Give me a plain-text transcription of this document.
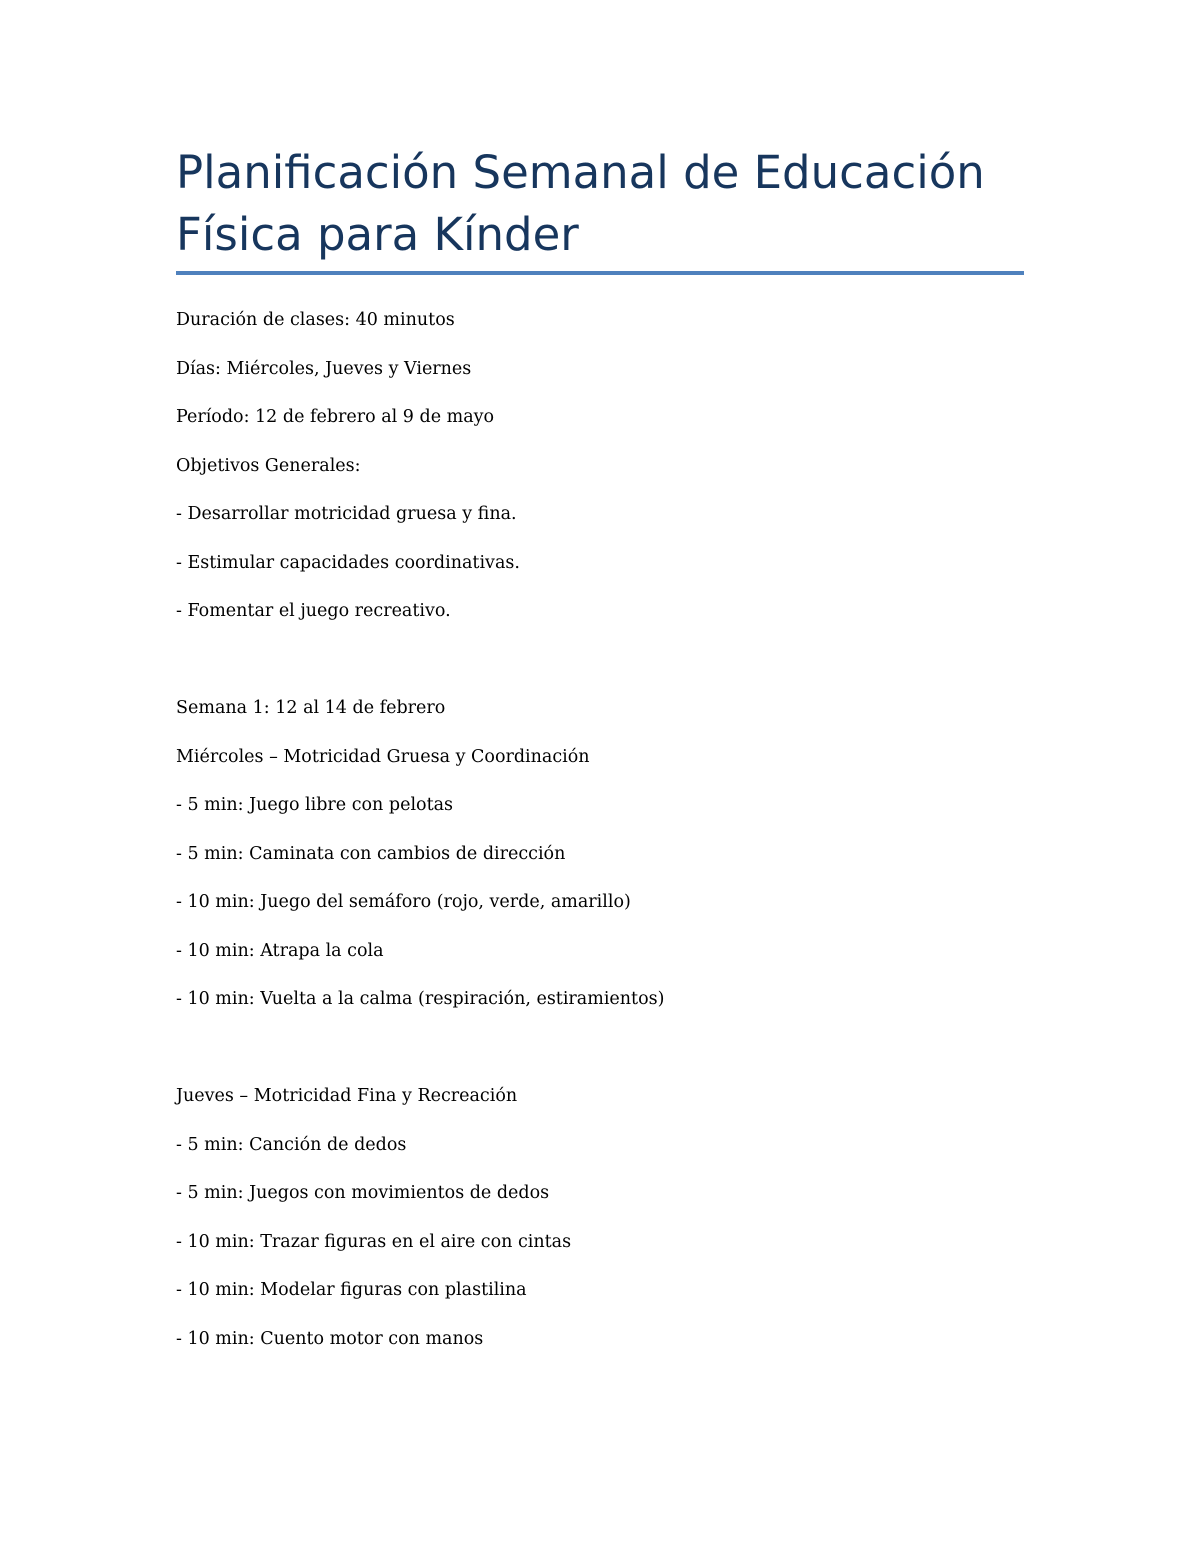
Planificación Semanal de Educación Física para Kínder
Duración de clases: 40 minutos
Días: Miércoles, Jueves y Viernes
Período: 12 de febrero al 9 de mayo
Objetivos Generales:
- Desarrollar motricidad gruesa y fina.
- Estimular capacidades coordinativas.
- Fomentar el juego recreativo.
Semana 1: 12 al 14 de febrero
Miércoles – Motricidad Gruesa y Coordinación
- 5 min: Juego libre con pelotas
- 5 min: Caminata con cambios de dirección
- 10 min: Juego del semáforo (rojo, verde, amarillo)
- 10 min: Atrapa la cola
- 10 min: Vuelta a la calma (respiración, estiramientos)
Jueves – Motricidad Fina y Recreación
- 5 min: Canción de dedos
- 5 min: Juegos con movimientos de dedos
- 10 min: Trazar figuras en el aire con cintas
- 10 min: Modelar figuras con plastilina
- 10 min: Cuento motor con manos
